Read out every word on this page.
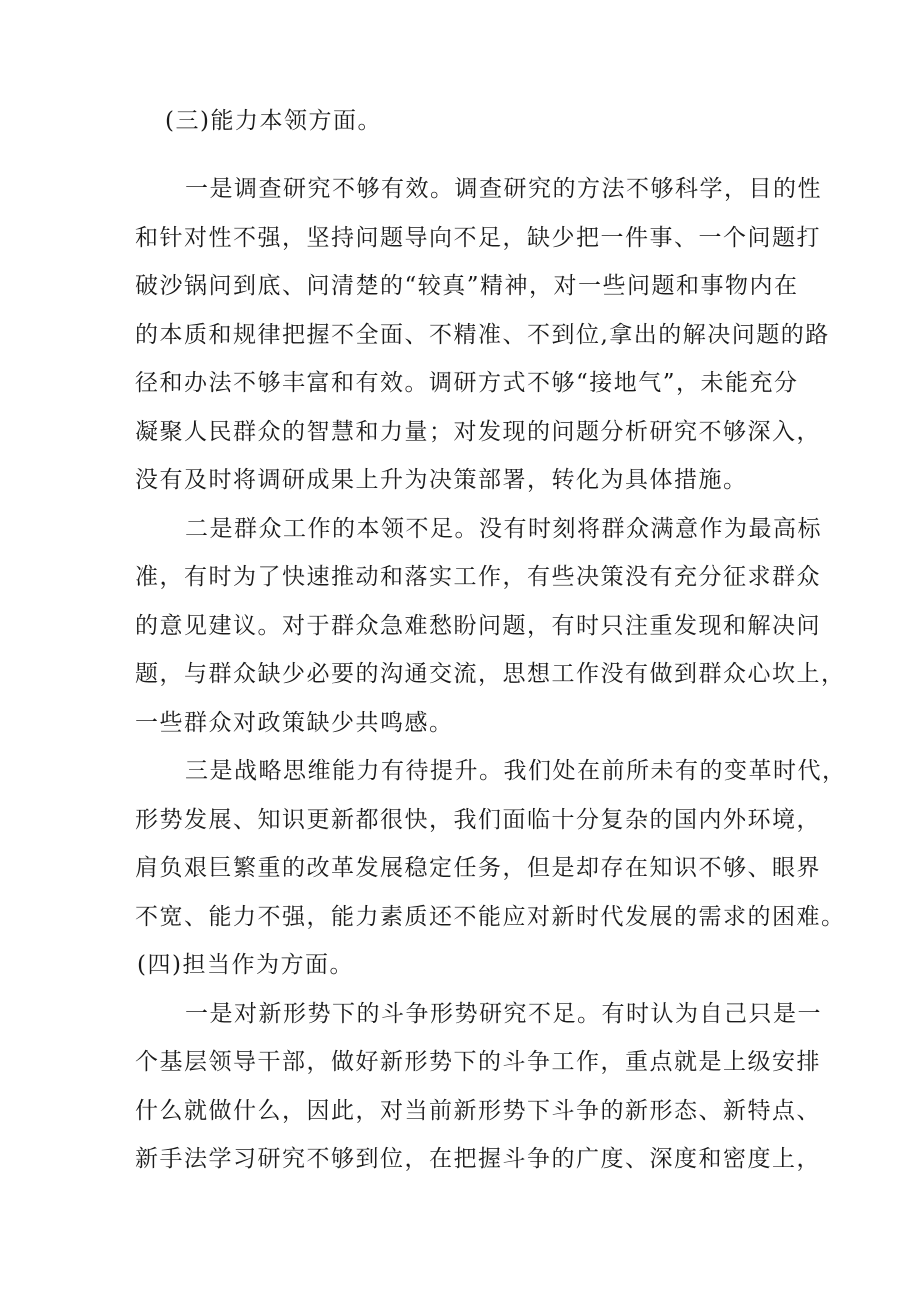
(三)能力本领方面。
一是调查研究不够有效。调查研究的方法不够科学，目的性
和针对性不强，坚持问题导向不足，缺少把一件事、一个问题打
破沙锅问到底、问清楚的“较真”精神，对一些问题和事物内在
的本质和规律把握不全面、不精准、不到位,拿出的解决问题的路
径和办法不够丰富和有效。调研方式不够“接地气”，未能充分
凝聚人民群众的智慧和力量；对发现的问题分析研究不够深入，
没有及时将调研成果上升为决策部署，转化为具体措施。
二是群众工作的本领不足。没有时刻将群众满意作为最高标
准，有时为了快速推动和落实工作，有些决策没有充分征求群众
的意见建议。对于群众急难愁盼问题，有时只注重发现和解决问
题，与群众缺少必要的沟通交流，思想工作没有做到群众心坎上，
一些群众对政策缺少共鸣感。
三是战略思维能力有待提升。我们处在前所未有的变革时代，
形势发展、知识更新都很快，我们面临十分复杂的国内外环境，
肩负艰巨繁重的改革发展稳定任务，但是却存在知识不够、眼界
不宽、能力不强，能力素质还不能应对新时代发展的需求的困难。
(四)担当作为方面。
一是对新形势下的斗争形势研究不足。有时认为自己只是一
个基层领导干部，做好新形势下的斗争工作，重点就是上级安排
什么就做什么，因此，对当前新形势下斗争的新形态、新特点、
新手法学习研究不够到位，在把握斗争的广度、深度和密度上，
